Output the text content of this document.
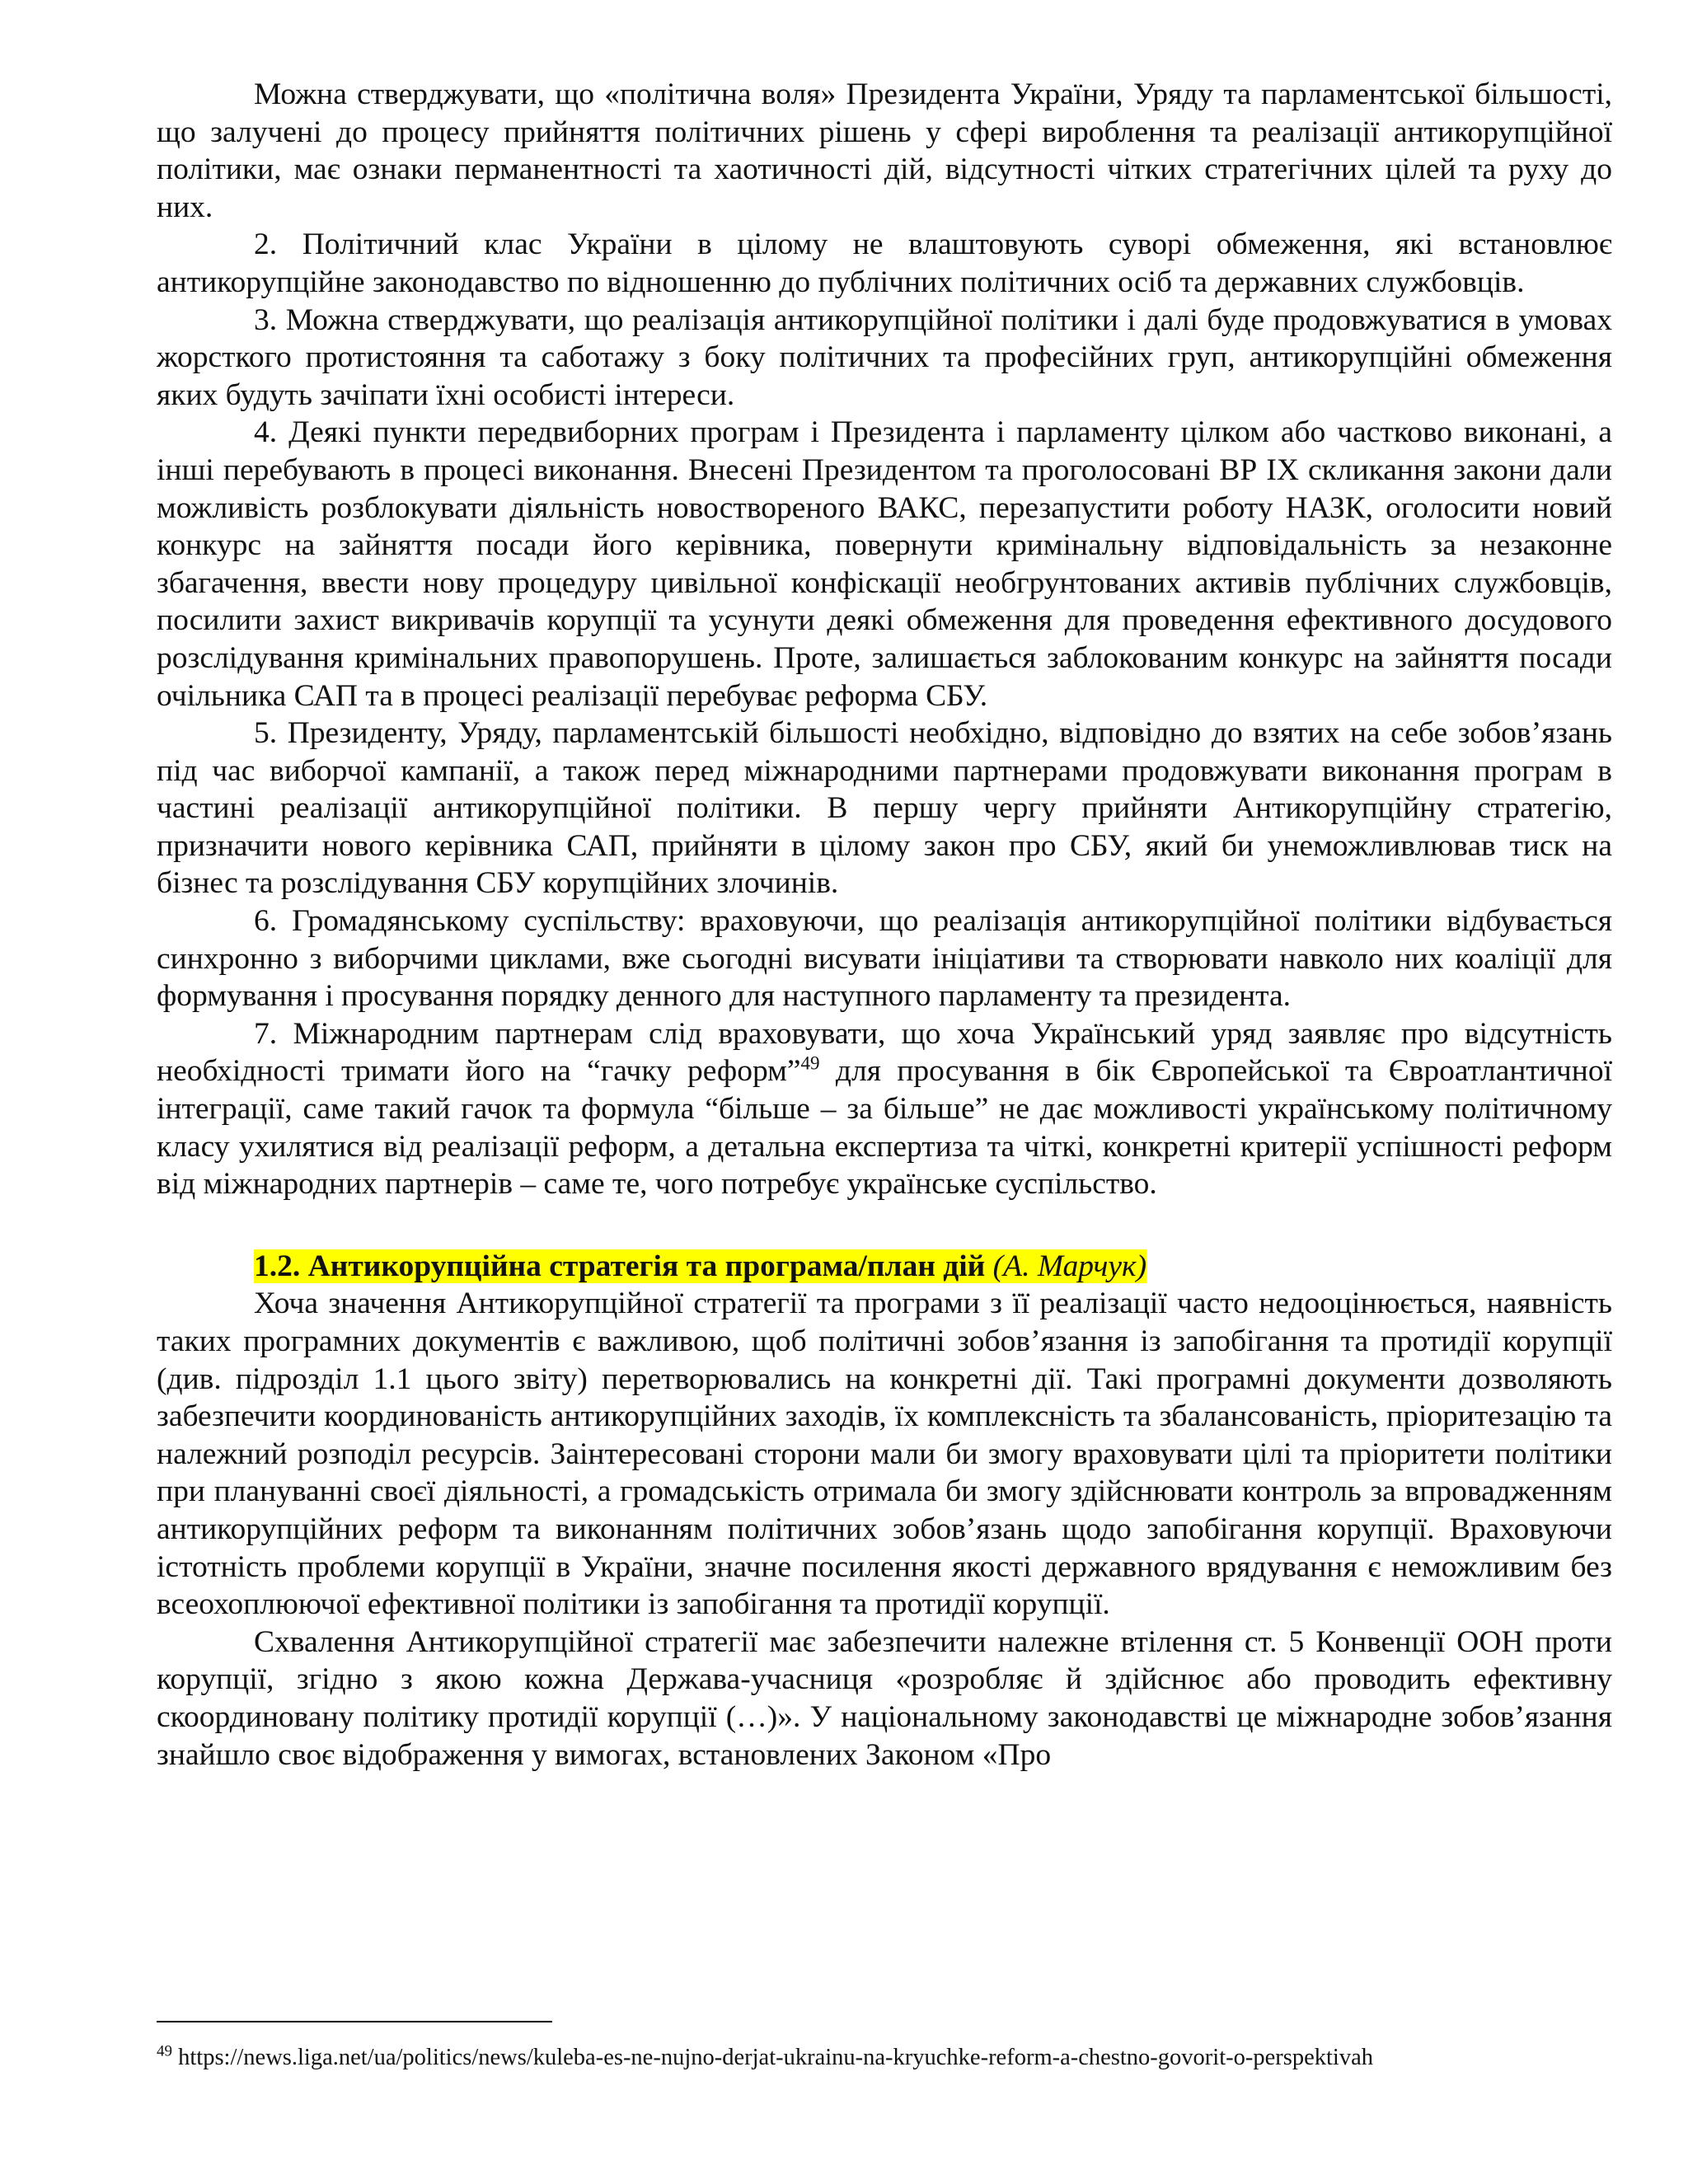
Можна стверджувати, що «політична воля» Президента України, Уряду та парламентської більшості, що залучені до процесу прийняття політичних рішень у сфері вироблення та реалізації антикорупційної політики, має ознаки перманентності та хаотичності дій, відсутності чітких стратегічних цілей та руху до них.

2. Політичний клас України в цілому не влаштовують суворі обмеження, які встановлює антикорупційне законодавство по відношенню до публічних політичних осіб та державних службовців.

3. Можна стверджувати, що реалізація антикорупційної політики і далі буде продовжуватися в умовах жорсткого протистояння та саботажу з боку політичних та професійних груп, антикорупційні обмеження яких будуть зачіпати їхні особисті інтереси.

4. Деякі пункти передвиборних програм і Президента і парламенту цілком або частково виконані, а інші перебувають в процесі виконання. Внесені Президентом та проголосовані ВР IX скликання закони дали можливість розблокувати діяльність новоствореного ВАКС, перезапустити роботу НАЗК, оголосити новий конкурс на зайняття посади його керівника, повернути кримінальну відповідальність за незаконне збагачення, ввести нову процедуру цивільної конфіскації необгрунтованих активів публічних службовців, посилити захист викривачів корупції та усунути деякі обмеження для проведення ефективного досудового розслідування кримінальних правопорушень. Проте, залишається заблокованим конкурс на зайняття посади очільника САП та в процесі реалізації перебуває реформа СБУ.

5. Президенту, Уряду, парламентській більшості необхідно, відповідно до взятих на себе зобов’язань під час виборчої кампанії, а також перед міжнародними партнерами продовжувати виконання програм в частині реалізації антикорупційної політики. В першу чергу прийняти Антикорупційну стратегію, призначити нового керівника САП, прийняти в цілому закон про СБУ, який би унеможливлював тиск на бізнес та розслідування СБУ корупційних злочинів.

6. Громадянському суспільству: враховуючи, що реалізація антикорупційної політики відбувається синхронно з виборчими циклами, вже сьогодні висувати ініціативи та створювати навколо них коаліції для формування і просування порядку денного для наступного парламенту та президента.

7. Міжнародним партнерам слід враховувати, що хоча Український уряд заявляє про відсутність необхідності тримати його на “гачку реформ”$^{49}$ для просування в бік Європейської та Євроатлантичної інтеграції, саме такий гачок та формула “більше – за більше” не дає можливості українському політичному класу ухилятися від реалізації реформ, а детальна експертиза та чіткі, конкретні критерії успішності реформ від міжнародних партнерів – саме те, чого потребує українське суспільство.

1.2. Антикорупційна стратегія та програма/план дій (А. Марчук)

Хоча значення Антикорупційної стратегії та програми з її реалізації часто недооцінюється, наявність таких програмних документів є важливою, щоб політичні зобов’язання із запобігання та протидії корупції (див. підрозділ 1.1 цього звіту) перетворювались на конкретні дії. Такі програмні документи дозволяють забезпечити координованість антикорупційних заходів, їх комплексність та збалансованість, пріоритезацію та належний розподіл ресурсів. Заінтересовані сторони мали би змогу враховувати цілі та пріоритети політики при плануванні своєї діяльності, а громадськість отримала би змогу здійснювати контроль за впровадженням антикорупційних реформ та виконанням політичних зобов’язань щодо запобігання корупції. Враховуючи істотність проблеми корупції в України, значне посилення якості державного врядування є неможливим без всеохоплюючої ефективної політики із запобігання та протидії корупції.

Схвалення Антикорупційної стратегії має забезпечити належне втілення ст. 5 Конвенції ООН проти корупції, згідно з якою кожна Держава-учасниця «розробляє й здійснює або проводить ефективну скоординовану політику протидії корупції (…)». У національному законодавстві це міжнародне зобов’язання знайшло своє відображення у вимогах, встановлених Законом «Про

$^{49}$ https://news.liga.net/ua/politics/news/kuleba-es-ne-nujno-derjat-ukrainu-na-kryuchke-reform-a-chestno-govorit-o-perspektivah
